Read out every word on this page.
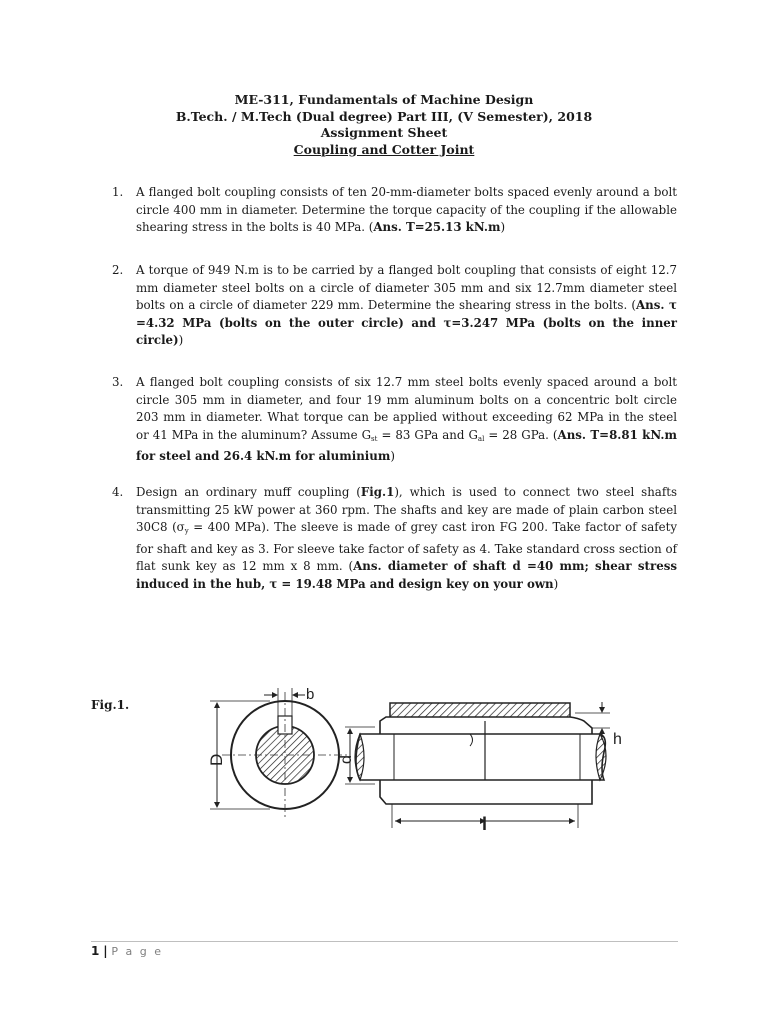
ME-311, Fundamentals of Machine Design
B.Tech. / M.Tech (Dual degree) Part III, (V Semester), 2018
Assignment Sheet
Coupling and Cotter Joint
1.	A flanged bolt coupling consists of ten 20-mm-diameter bolts spaced evenly around a bolt circle 400 mm in diameter. Determine the torque capacity of the coupling if the allowable shearing stress in the bolts is 40 MPa. (Ans. T=25.13 kN.m)
2.	A torque of 949 N.m is to be carried by a flanged bolt coupling that consists of eight 12.7 mm diameter steel bolts on a circle of diameter 305 mm and six 12.7mm diameter steel bolts on a circle of diameter 229 mm. Determine the shearing stress in the bolts. (Ans. τ =4.32 MPa (bolts on the outer circle) and τ=3.247 MPa (bolts on the inner circle))
3.	A flanged bolt coupling consists of six 12.7 mm steel bolts evenly spaced around a bolt circle 305 mm in diameter, and four 19 mm aluminum bolts on a concentric bolt circle 203 mm in diameter. What torque can be applied without exceeding 62 MPa in the steel or 41 MPa in the aluminum? Assume $G_{st} = 83$ GPa and $G_{al} = 28$ GPa. (Ans. T=8.81 kN.m for steel and 26.4 kN.m for aluminium)
4.	Design an ordinary muff coupling (Fig.1), which is used to connect two steel shafts transmitting 25 kW power at 360 rpm. The shafts and key are made of plain carbon steel 30C8 ($\sigma_y = 400$ MPa). The sleeve is made of grey cast iron FG 200. Take factor of safety for shaft and key as 3. For sleeve take factor of safety as 4. Take standard cross section of flat sunk key as 12 mm x 8 mm. (Ans. diameter of shaft d =40 mm; shear stress induced in the hub, τ = 19.48 MPa and design key on your own)
Fig.1.
b
D	d
h
l
1 | P a g e
